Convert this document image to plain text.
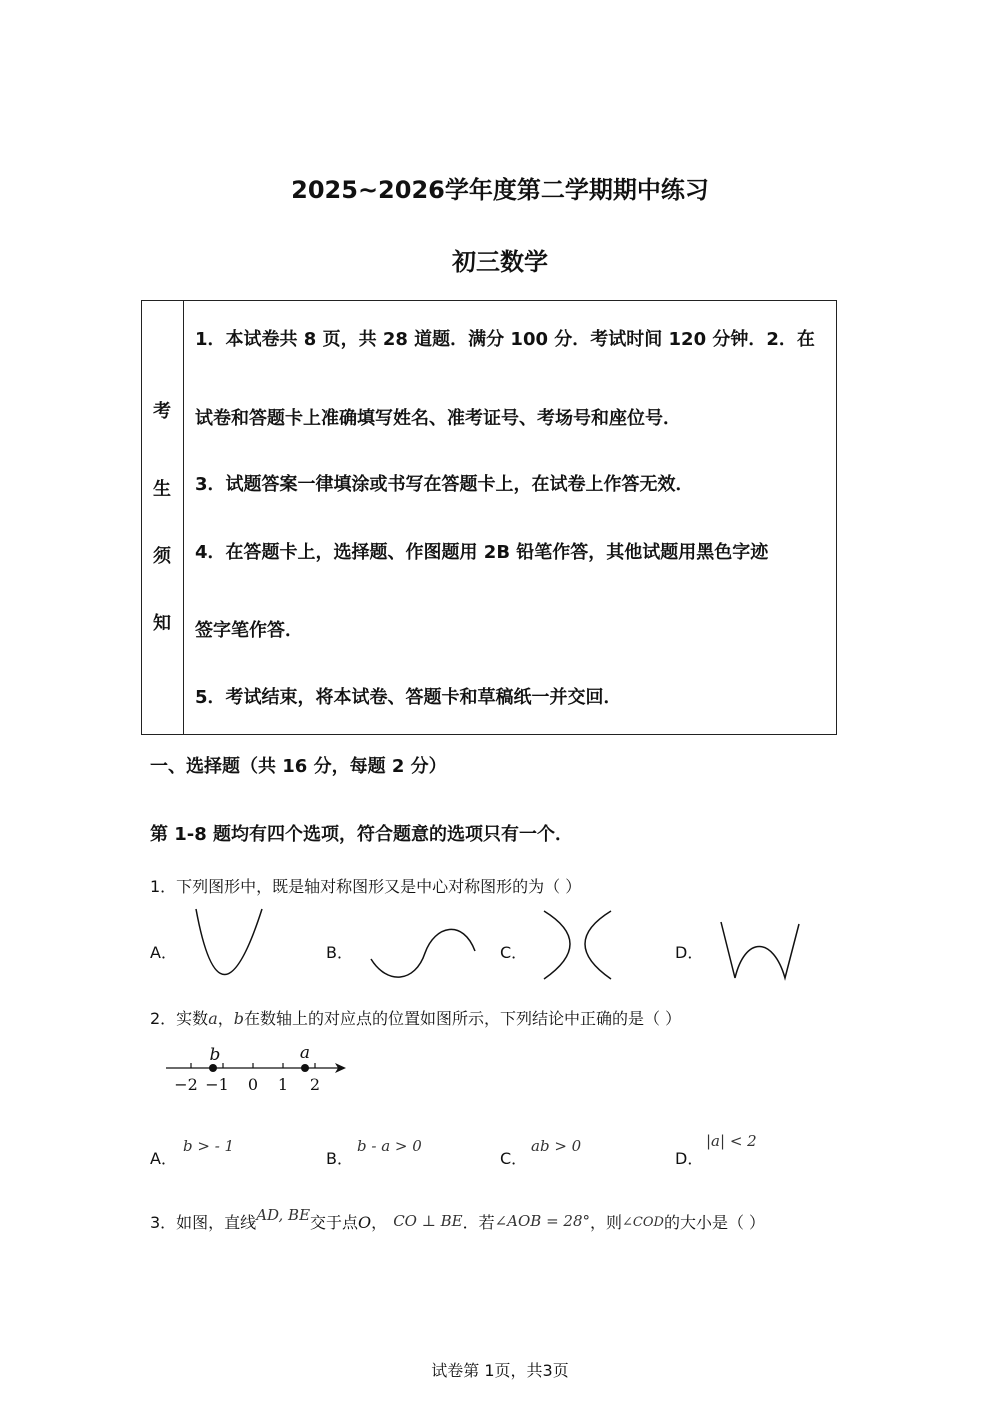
2025~2026学年度第二学期期中练习
初三数学
考
生
须
知
1．本试卷共 8 页，共 28 道题．满分 100 分．考试时间 120 分钟．2．在
试卷和答题卡上准确填写姓名、准考证号、考场号和座位号．
3．试题答案一律填涂或书写在答题卡上，在试卷上作答无效．
4．在答题卡上，选择题、作图题用 2B 铅笔作答，其他试题用黑色字迹
签字笔作答．
5．考试结束，将本试卷、答题卡和草稿纸一并交回．
一、选择题（共 16 分，每题 2 分）
第 1-8 题均有四个选项，符合题意的选项只有一个．
1．下列图形中，既是轴对称图形又是中心对称图形的为（ ）
A．	B．	C．	D．
2．实数a，b在数轴上的对应点的位置如图所示，下列结论中正确的是（ ）
b	a
−2 −1 0 1 2
A．
b > - 1
B．
b - a > 0
C．
ab > 0
D．
|a| < 2
3．如图，直线AD, BE交于点O， CO ⊥ BE．若∠AOB = 28°，则∠COD的大小是（ ）
试卷第 1页，共3页
